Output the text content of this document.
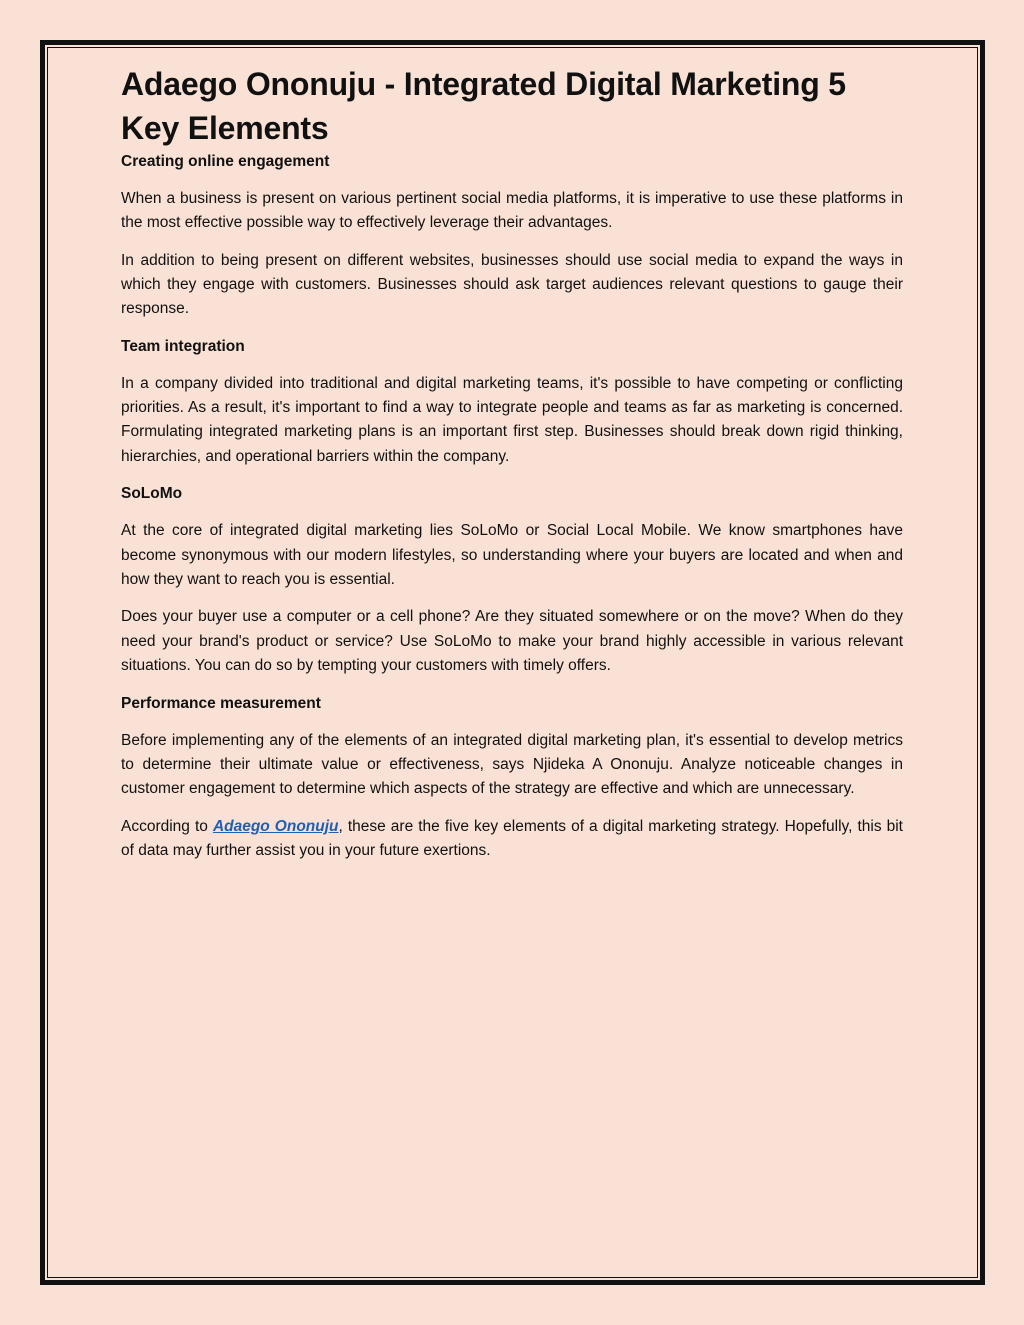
Adaego Ononuju - Integrated Digital Marketing 5 Key Elements
Creating online engagement

When a business is present on various pertinent social media platforms, it is imperative to use these platforms in the most effective possible way to effectively leverage their advantages.

In addition to being present on different websites, businesses should use social media to expand the ways in which they engage with customers. Businesses should ask target audiences relevant questions to gauge their response.

Team integration

In a company divided into traditional and digital marketing teams, it's possible to have competing or conflicting priorities. As a result, it's important to find a way to integrate people and teams as far as marketing is concerned. Formulating integrated marketing plans is an important first step. Businesses should break down rigid thinking, hierarchies, and operational barriers within the company.

SoLoMo

At the core of integrated digital marketing lies SoLoMo or Social Local Mobile. We know smartphones have become synonymous with our modern lifestyles, so understanding where your buyers are located and when and how they want to reach you is essential.

Does your buyer use a computer or a cell phone? Are they situated somewhere or on the move? When do they need your brand's product or service? Use SoLoMo to make your brand highly accessible in various relevant situations. You can do so by tempting your customers with timely offers.

Performance measurement

Before implementing any of the elements of an integrated digital marketing plan, it's essential to develop metrics to determine their ultimate value or effectiveness, says Njideka A Ononuju. Analyze noticeable changes in customer engagement to determine which aspects of the strategy are effective and which are unnecessary.

According to Adaego Ononuju, these are the five key elements of a digital marketing strategy. Hopefully, this bit of data may further assist you in your future exertions.
